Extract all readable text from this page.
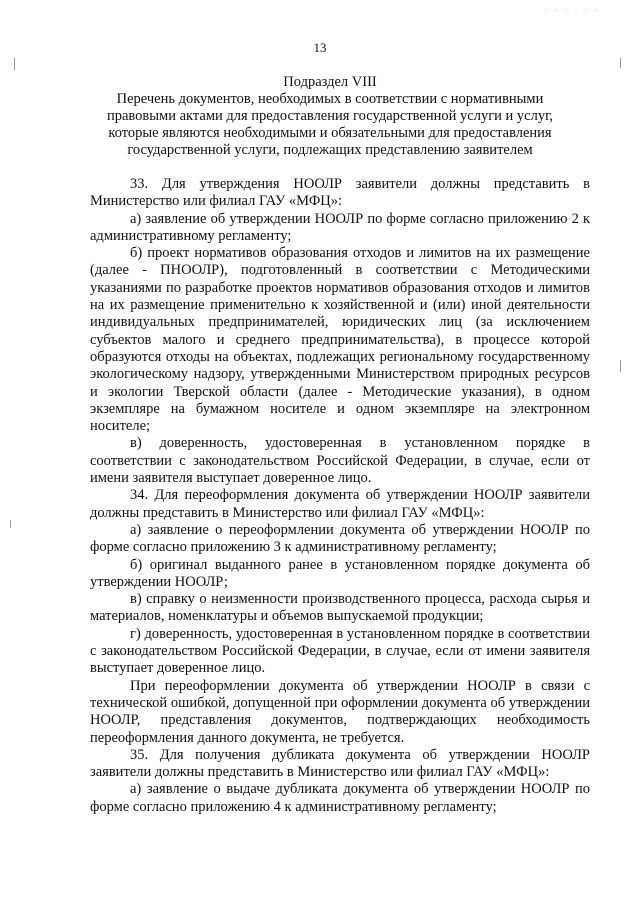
. . . . . .
13
Подраздел VIII
Перечень документов, необходимых в соответствии с нормативными
правовыми актами для предоставления государственной услуги и услуг,
которые являются необходимыми и обязательными для предоставления
государственной услуги, подлежащих представлению заявителем

33. Для утверждения НООЛР заявители должны представить в Министерство или филиал ГАУ «МФЦ»:

а) заявление об утверждении НООЛР по форме согласно приложению 2 к административному регламенту;

б) проект нормативов образования отходов и лимитов на их размещение (далее - ПНООЛР), подготовленный в соответствии с Методическими указаниями по разработке проектов нормативов образования отходов и лимитов на их размещение применительно к хозяйственной и (или) иной деятельности индивидуальных предпринимателей, юридических лиц (за исключением субъектов малого и среднего предпринимательства), в процессе которой образуются отходы на объектах, подлежащих региональному государственному экологическому надзору, утвержденными Министерством природных ресурсов и экологии Тверской области (далее - Методические указания), в одном экземпляре на бумажном носителе и одном экземпляре на электронном носителе;

в) доверенность, удостоверенная в установленном порядке в соответствии с законодательством Российской Федерации, в случае, если от имени заявителя выступает доверенное лицо.

34. Для переоформления документа об утверждении НООЛР заявители должны представить в Министерство или филиал ГАУ «МФЦ»:

а) заявление о переоформлении документа об утверждении НООЛР по форме согласно приложению 3 к административному регламенту;

б) оригинал выданного ранее в установленном порядке документа об утверждении НООЛР;

в) справку о неизменности производственного процесса, расхода сырья и материалов, номенклатуры и объемов выпускаемой продукции;

г) доверенность, удостоверенная в установленном порядке в соответствии с законодательством Российской Федерации, в случае, если от имени заявителя выступает доверенное лицо.

При переоформлении документа об утверждении НООЛР в связи с технической ошибкой, допущенной при оформлении документа об утверждении НООЛР, представления документов, подтверждающих необходимость переоформления данного документа, не требуется.

35. Для получения дубликата документа об утверждении НООЛР заявители должны представить в Министерство или филиал ГАУ «МФЦ»:

а) заявление о выдаче дубликата документа об утверждении НООЛР по форме согласно приложению 4 к административному регламенту;
